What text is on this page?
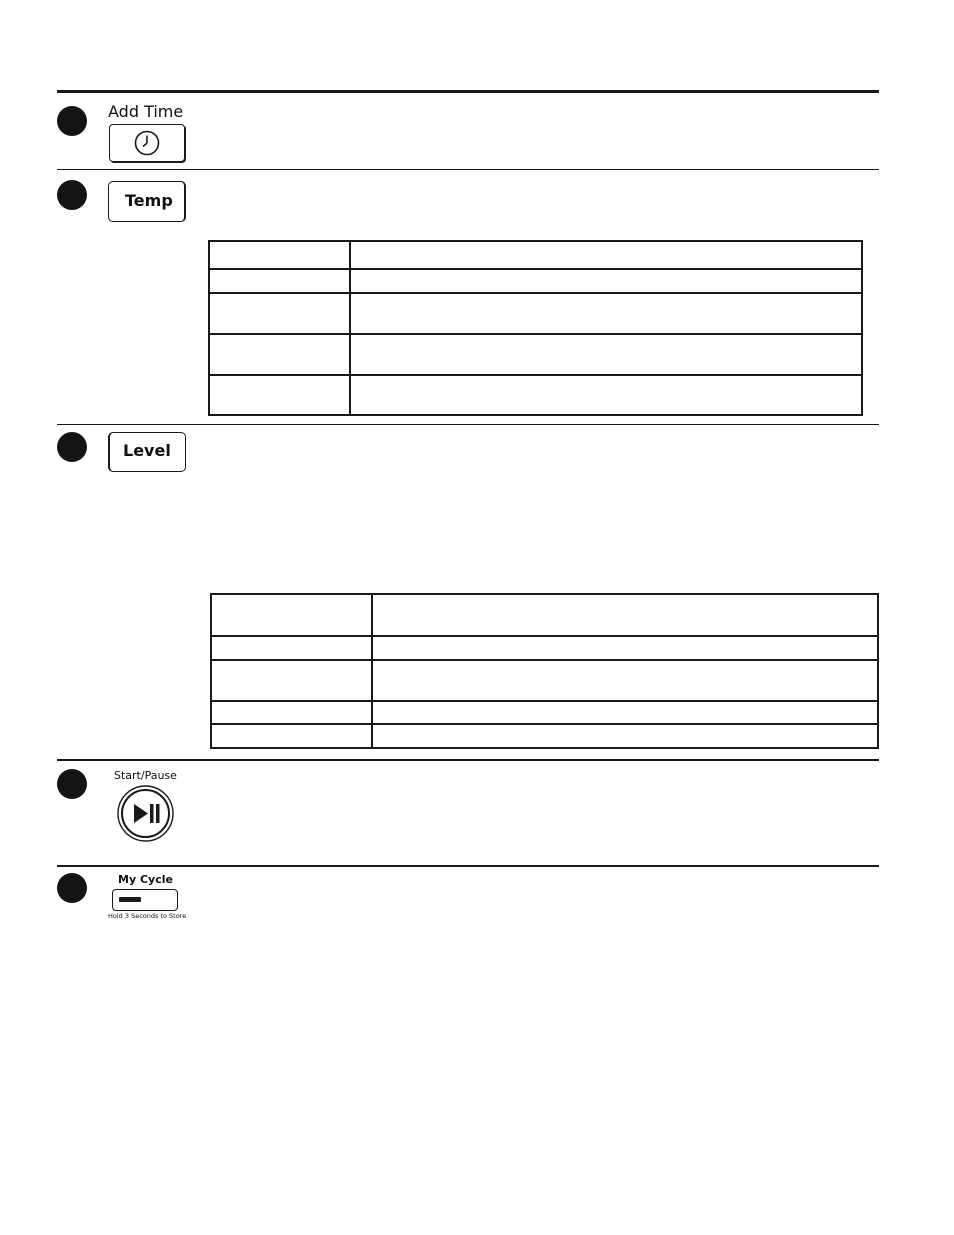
Add Time
Temp
Level
Start/Pause
My Cycle
Hold 3 Seconds to Store
